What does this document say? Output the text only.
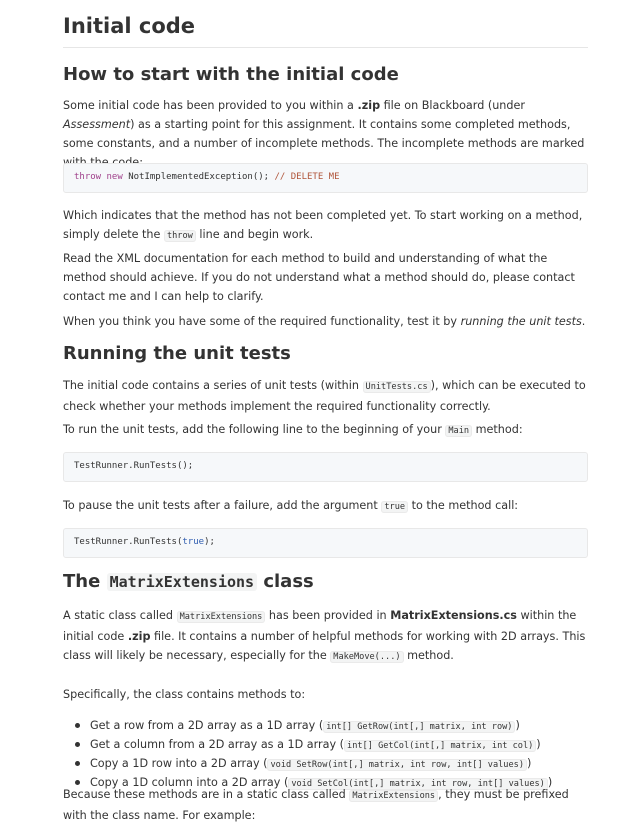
Initial code
How to start with the initial code

Some initial code has been provided to you within a .zip file on Blackboard (under Assessment) as a starting point for this assignment. It contains some completed methods, some constants, and a number of incomplete methods. The incomplete methods are marked

throw new NotImplementedException(); // DELETE ME

Which indicates that the method has not been completed yet. To start working on a method, simply delete the throw line and begin work.

Read the XML documentation for each method to build and understanding of what the method should achieve. If you do not understand what a method should do, please contact contact me and I can help to clarify.

When you think you have some of the required functionality, test it by running the unit tests.

Running the unit tests

The initial code contains a series of unit tests (within UnitTests.cs ), which can be executed to check whether your methods implement the required functionality correctly.

To run the unit tests, add the following line to the beginning of your Main method:

TestRunner.RunTests();

To pause the unit tests after a failure, add the argument true to the method call:

TestRunner.RunTests(true);
The MatrixExtensions class

A static class called MatrixExtensions has been provided in MatrixExtensions.cs within the initial code .zip file. It contains a number of helpful methods for working with 2D arrays. This class will likely be necessary, especially for the MakeMove(...) method.

Specifically, the class contains methods to:

Get a row from a 2D array as a 1D array ( int[] GetRow(int[,] matrix, int row) )
Get a column from a 2D array as a 1D array ( int[] GetCol(int[,] matrix, int col) )
Copy a 1D row into a 2D array ( void SetRow(int[,] matrix, int row, int[] values) )
Copy a 1D column into a 2D array ( void SetCol(int[,] matrix, int row, int[] values) )

Because these methods are in a static class called MatrixExtensions , they must be prefixed with the class name. For example:
